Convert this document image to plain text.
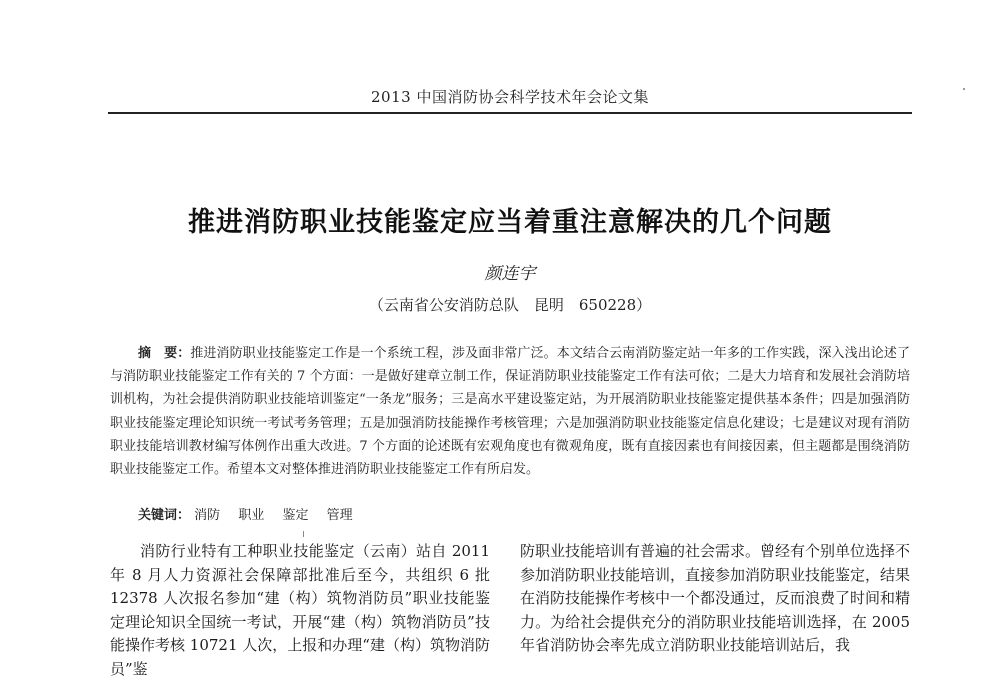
2013 中国消防协会科学技术年会论文集
推进消防职业技能鉴定应当着重注意解决的几个问题
颜连宇
（云南省公安消防总队　昆明　650228）
摘　要：推进消防职业技能鉴定工作是一个系统工程，涉及面非常广泛。本文结合云南消防鉴定站一年多的工作实践，深入浅出论述了与消防职业技能鉴定工作有关的 7 个方面：一是做好建章立制工作，保证消防职业技能鉴定工作有法可依；二是大力培育和发展社会消防培训机构，为社会提供消防职业技能培训鉴定“一条龙”服务；三是高水平建设鉴定站，为开展消防职业技能鉴定提供基本条件；四是加强消防职业技能鉴定理论知识统一考试考务管理；五是加强消防技能操作考核管理；六是加强消防职业技能鉴定信息化建设；七是建议对现有消防职业技能培训教材编写体例作出重大改进。7 个方面的论述既有宏观角度也有微观角度，既有直接因素也有间接因素，但主题都是围绕消防职业技能鉴定工作。希望本文对整体推进消防职业技能鉴定工作有所启发。
关键词： 消防 职业 鉴定 管理
消防行业特有工种职业技能鉴定（云南）站自 2011 年 8 月人力资源社会保障部批准后至今，共组织 6 批 12378 人次报名参加“建（构）筑物消防员”职业技能鉴定理论知识全国统一考试，开展“建（构）筑物消防员”技能操作考核 10721 人次，上报和办理“建（构）筑物消防员”鉴
防职业技能培训有普遍的社会需求。曾经有个别单位选择不参加消防职业技能培训，直接参加消防职业技能鉴定，结果在消防技能操作考核中一个都没通过，反而浪费了时间和精力。为给社会提供充分的消防职业技能培训选择，在 2005 年省消防协会率先成立消防职业技能培训站后，我
